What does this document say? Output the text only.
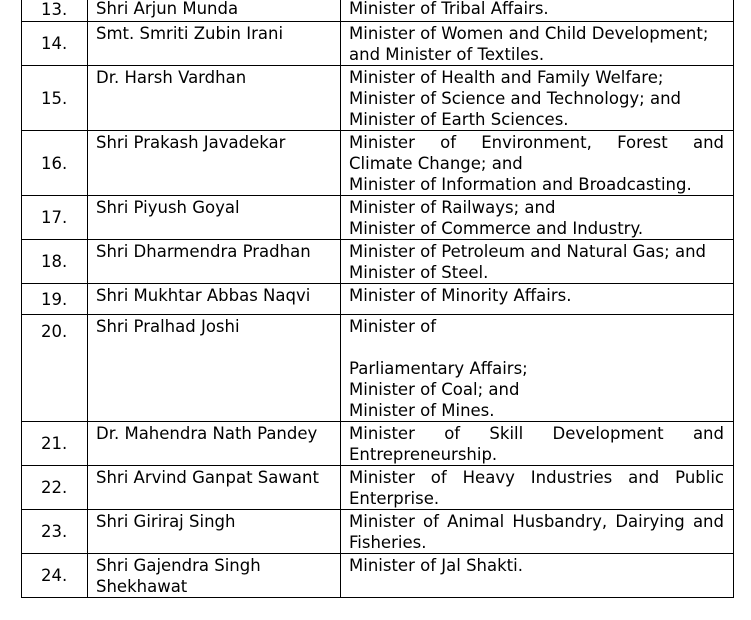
13.	Shri Arjun Munda	Minister of Tribal Affairs.

14.	Smt. Smriti Zubin Irani	Minister of Women and Child Development;
and Minister of Textiles.

15.	Dr. Harsh Vardhan	Minister of Health and Family Welfare;
Minister of Science and Technology; and
Minister of Earth Sciences.

16.	Shri Prakash Javadekar	Minister of Environment, Forest and
Climate Change; and
Minister of Information and Broadcasting.

17.	Shri Piyush Goyal	Minister of Railways; and
Minister of Commerce and Industry.

18.	Shri Dharmendra Pradhan	Minister of Petroleum and Natural Gas; and
Minister of Steel.

19.	Shri Mukhtar Abbas Naqvi	Minister of Minority Affairs.

20.	Shri Pralhad Joshi	Minister of
Parliamentary Affairs;
Minister of Coal; and
Minister of Mines.

21.	Dr. Mahendra Nath Pandey	Minister of Skill Development and
Entrepreneurship.

22.	Shri Arvind Ganpat Sawant	Minister of Heavy Industries and Public
Enterprise.

23.	Shri Giriraj Singh	Minister of Animal Husbandry, Dairying and
Fisheries.

24.	Shri Gajendra Singh
Shekhawat	Minister of Jal Shakti.
